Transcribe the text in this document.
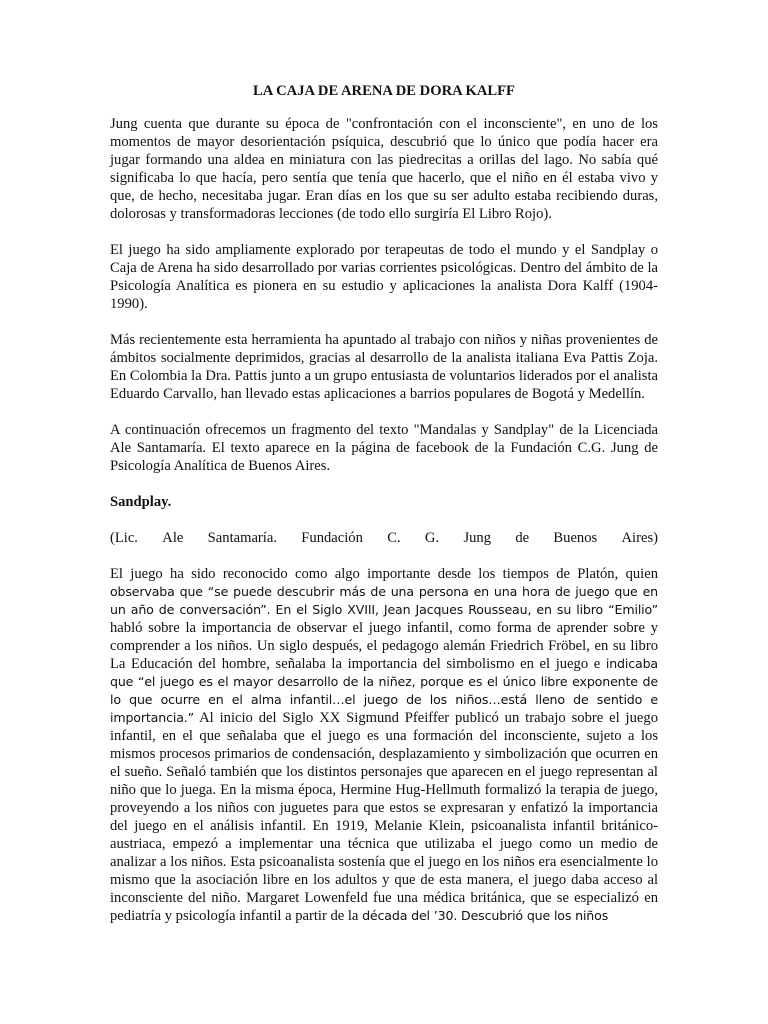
LA CAJA DE ARENA DE DORA KALFF

Jung cuenta que durante su época de "confrontación con el inconsciente", en uno de los momentos de mayor desorientación psíquica, descubrió que lo único que podía hacer era jugar formando una aldea en miniatura con las piedrecitas a orillas del lago. No sabía qué significaba lo que hacía, pero sentía que tenía que hacerlo, que el niño en él estaba vivo y que, de hecho, necesitaba jugar. Eran días en los que su ser adulto estaba recibiendo duras, dolorosas y transformadoras lecciones (de todo ello surgiría El Libro Rojo).

El juego ha sido ampliamente explorado por terapeutas de todo el mundo y el Sandplay o Caja de Arena ha sido desarrollado por varias corrientes psicológicas. Dentro del ámbito de la Psicología Analítica es pionera en su estudio y aplicaciones la analista Dora Kalff (1904-1990).

Más recientemente esta herramienta ha apuntado al trabajo con niños y niñas provenientes de ámbitos socialmente deprimidos, gracias al desarrollo de la analista italiana Eva Pattis Zoja. En Colombia la Dra. Pattis junto a un grupo entusiasta de voluntarios liderados por el analista Eduardo Carvallo, han llevado estas aplicaciones a barrios populares de Bogotá y Medellín.

A continuación ofrecemos un fragmento del texto "Mandalas y Sandplay" de la Licenciada Ale Santamaría. El texto aparece en la página de facebook de la Fundación C.G. Jung de Psicología Analítica de Buenos Aires.

Sandplay.
(Lic. Ale Santamaría. Fundación C. G. Jung de Buenos Aires)

El juego ha sido reconocido como algo importante desde los tiempos de Platón, quien observaba que “se puede descubrir más de una persona en una hora de juego que en un año de conversación”. En el Siglo XVIII, Jean Jacques Rousseau, en su libro “Emilio” habló sobre la importancia de observar el juego infantil, como forma de aprender sobre y comprender a los niños. Un siglo después, el pedagogo alemán Friedrich Fröbel, en su libro La Educación del hombre, señalaba la importancia del simbolismo en el juego e indicaba que “el juego es el mayor desarrollo de la niñez, porque es el único libre exponente de lo que ocurre en el alma infantil…el juego de los niños…está lleno de sentido e importancia.” Al inicio del Siglo XX Sigmund Pfeiffer publicó un trabajo sobre el juego infantil, en el que señalaba que el juego es una formación del inconsciente, sujeto a los mismos procesos primarios de condensación, desplazamiento y simbolización que ocurren en el sueño. Señaló también que los distintos personajes que aparecen en el juego representan al niño que lo juega. En la misma época, Hermine Hug-Hellmuth formalizó la terapia de juego, proveyendo a los niños con juguetes para que estos se expresaran y enfatizó la importancia del juego en el análisis infantil. En 1919, Melanie Klein, psicoanalista infantil británico-austriaca, empezó a implementar una técnica que utilizaba el juego como un medio de analizar a los niños. Esta psicoanalista sostenía que el juego en los niños era esencialmente lo mismo que la asociación libre en los adultos y que de esta manera, el juego daba acceso al inconsciente del niño. Margaret Lowenfeld fue una médica británica, que se especializó en pediatría y psicología infantil a partir de la década del ’30. Descubrió que los niños
